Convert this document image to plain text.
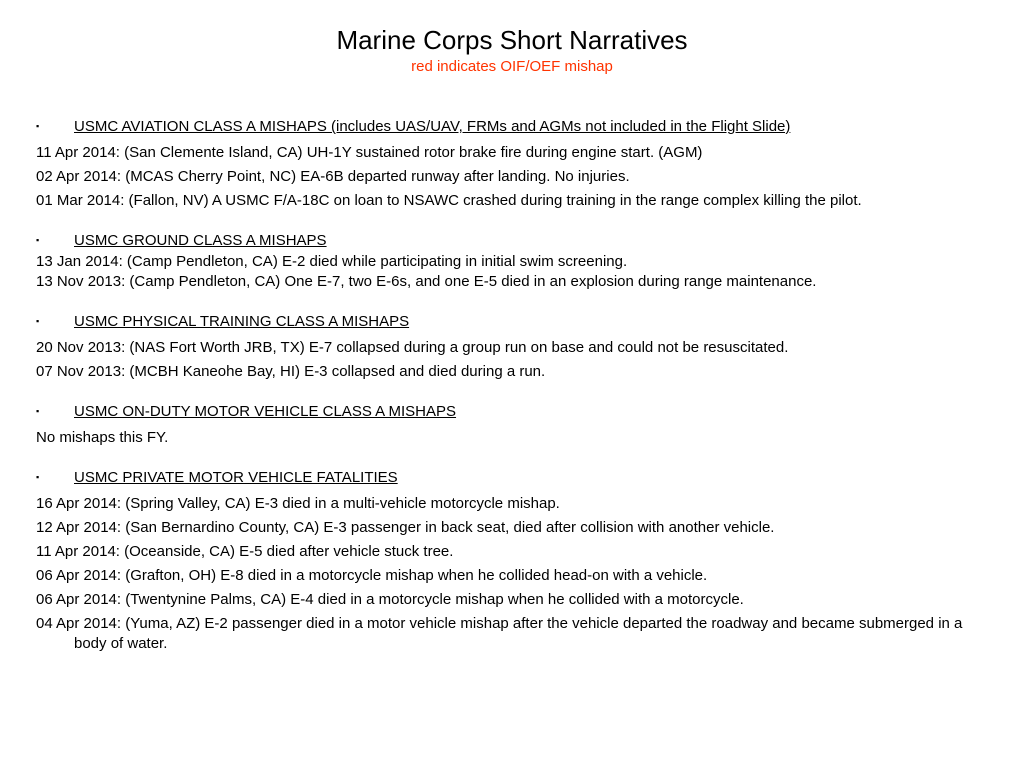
Marine Corps Short Narratives
red indicates OIF/OEF mishap
▪	USMC AVIATION CLASS A MISHAPS (includes UAS/UAV, FRMs and AGMs not included in the Flight Slide)
11 Apr 2014: (San Clemente Island, CA) UH-1Y sustained rotor brake fire during engine start. (AGM)
02 Apr 2014: (MCAS Cherry Point, NC) EA-6B departed runway after landing. No injuries.
01 Mar 2014: (Fallon, NV) A USMC F/A-18C on loan to NSAWC crashed during training in the range complex killing the pilot.
▪	USMC GROUND CLASS A MISHAPS
13 Jan 2014: (Camp Pendleton, CA) E-2 died while participating in initial swim screening.
13 Nov 2013: (Camp Pendleton, CA) One E-7, two E-6s, and one E-5 died in an explosion during range maintenance.
▪	USMC PHYSICAL TRAINING CLASS A MISHAPS
20 Nov 2013: (NAS Fort Worth JRB, TX) E-7 collapsed during a group run on base and could not be resuscitated.
07 Nov 2013: (MCBH Kaneohe Bay, HI) E-3 collapsed and died during a run.
▪	USMC ON-DUTY MOTOR VEHICLE CLASS A MISHAPS
No mishaps this FY.
▪	USMC PRIVATE MOTOR VEHICLE FATALITIES
16 Apr 2014: (Spring Valley, CA) E-3 died in a multi-vehicle motorcycle mishap.
12 Apr 2014: (San Bernardino County, CA) E-3 passenger in back seat, died after collision with another vehicle.
11 Apr 2014: (Oceanside, CA) E-5 died after vehicle stuck tree.
06 Apr 2014: (Grafton, OH) E-8 died in a motorcycle mishap when he collided head-on with a vehicle.
06 Apr 2014: (Twentynine Palms, CA) E-4 died in a motorcycle mishap when he collided with a motorcycle.
04 Apr 2014: (Yuma, AZ) E-2 passenger died in a motor vehicle mishap after the vehicle departed the roadway and became submerged in a body of water.
